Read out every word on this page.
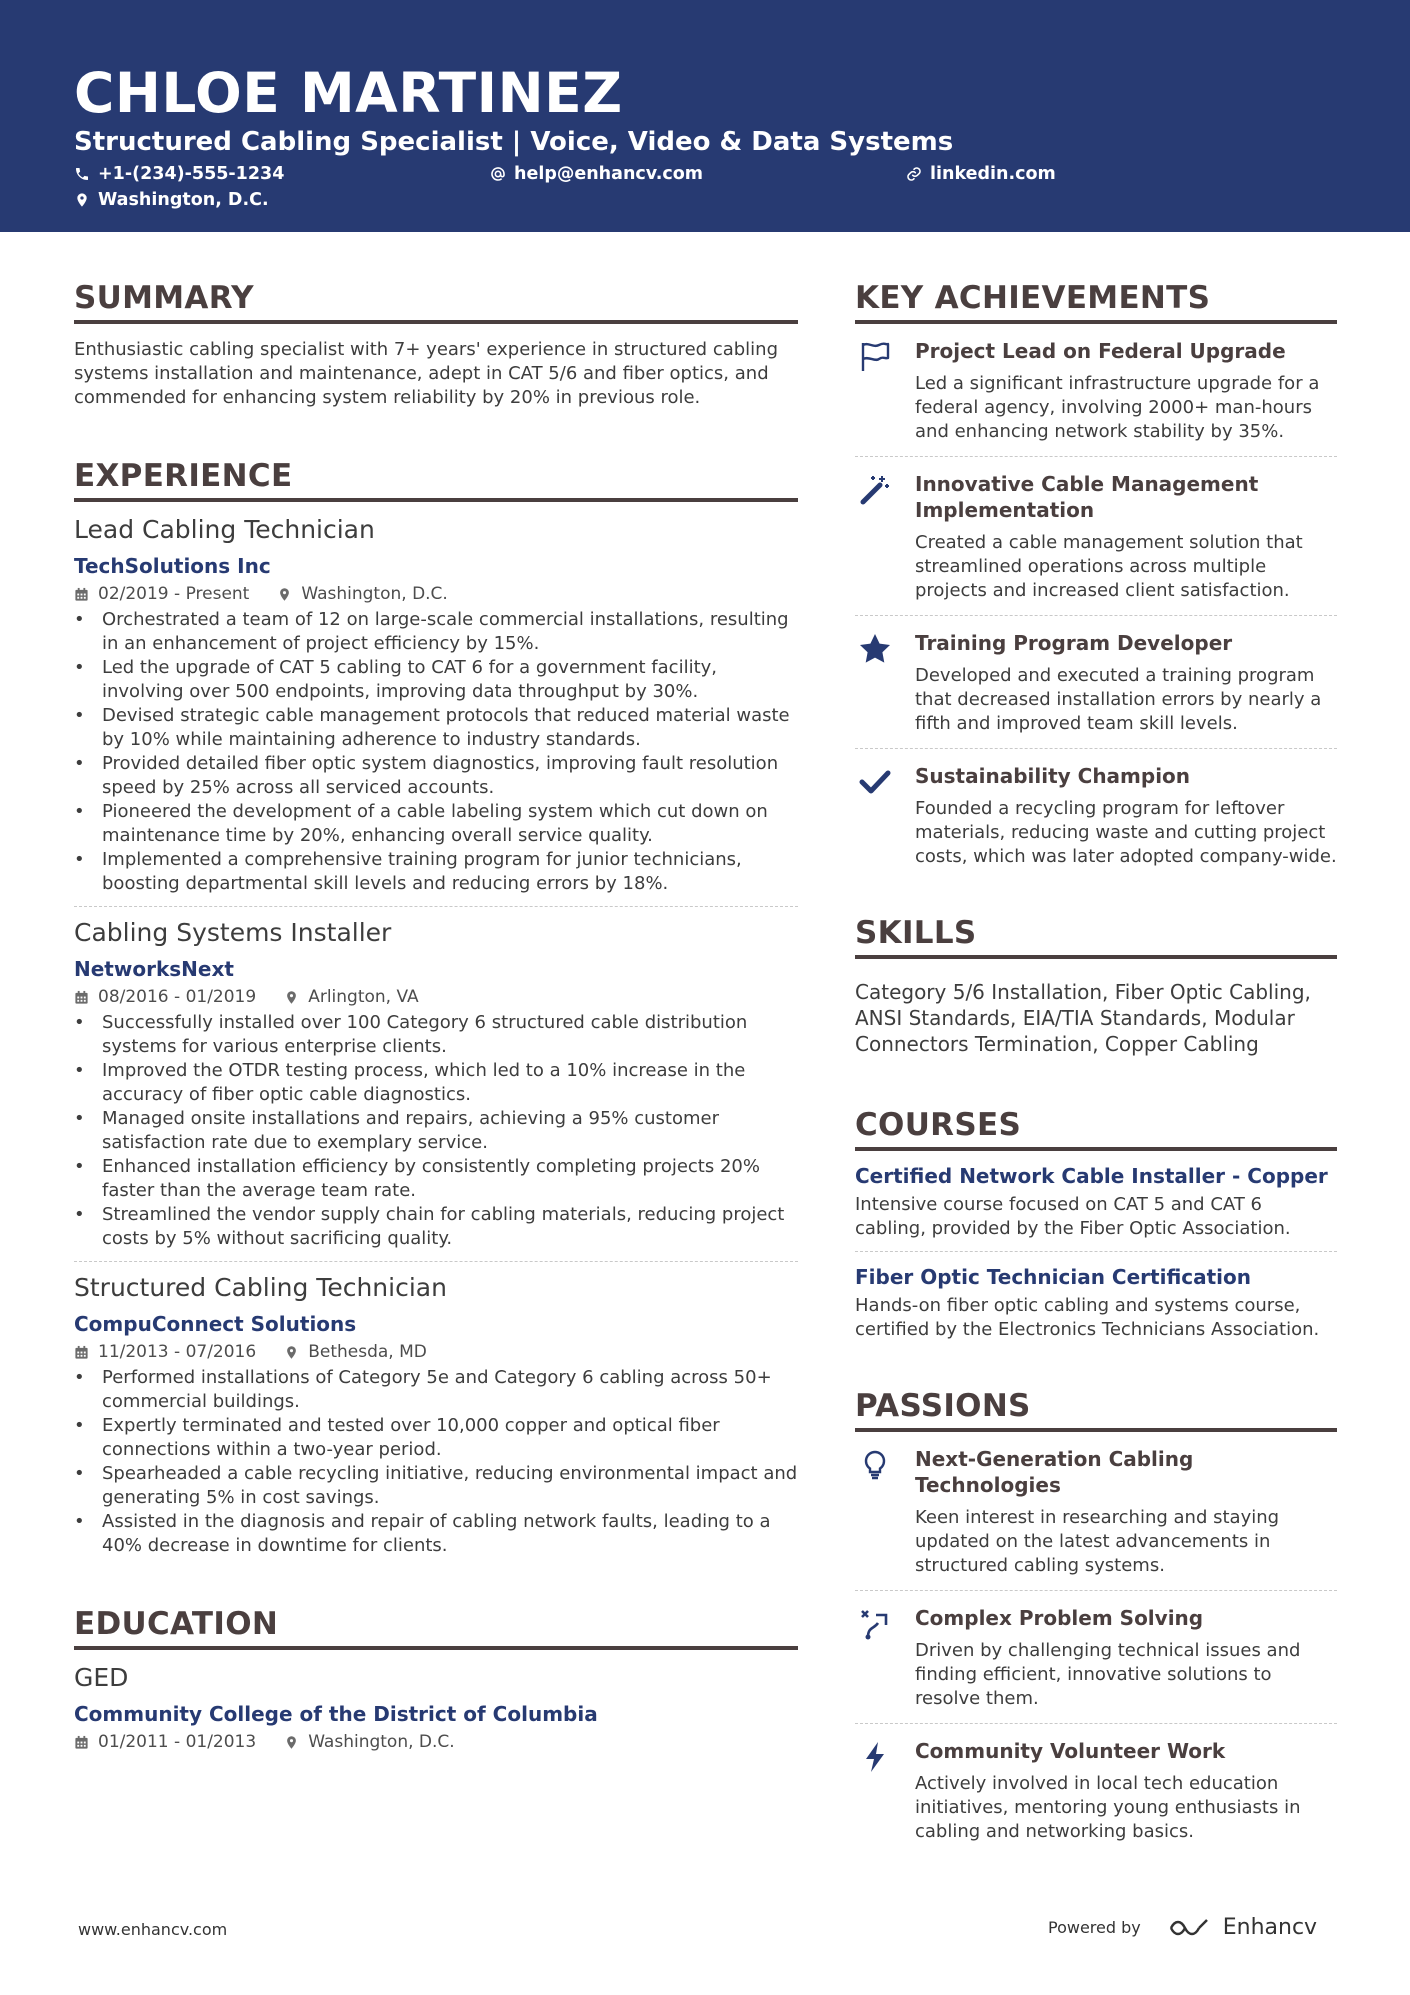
CHLOE MARTINEZ
Structured Cabling Specialist | Voice, Video & Data Systems
+1-(234)-555-1234	help@enhancv.com	linkedin.com
Washington, D.C.
SUMMARY
Enthusiastic cabling specialist with 7+ years' experience in structured cabling systems installation and maintenance, adept in CAT 5/6 and fiber optics, and commended for enhancing system reliability by 20% in previous role.
EXPERIENCE
Lead Cabling Technician
TechSolutions Inc
02/2019 - Present	Washington, D.C.
• Orchestrated a team of 12 on large-scale commercial installations, resulting in an enhancement of project efficiency by 15%.
• Led the upgrade of CAT 5 cabling to CAT 6 for a government facility, involving over 500 endpoints, improving data throughput by 30%.
• Devised strategic cable management protocols that reduced material waste by 10% while maintaining adherence to industry standards.
• Provided detailed fiber optic system diagnostics, improving fault resolution speed by 25% across all serviced accounts.
• Pioneered the development of a cable labeling system which cut down on maintenance time by 20%, enhancing overall service quality.
• Implemented a comprehensive training program for junior technicians, boosting departmental skill levels and reducing errors by 18%.
Cabling Systems Installer
NetworksNext
08/2016 - 01/2019	Arlington, VA
• Successfully installed over 100 Category 6 structured cable distribution systems for various enterprise clients.
• Improved the OTDR testing process, which led to a 10% increase in the accuracy of fiber optic cable diagnostics.
• Managed onsite installations and repairs, achieving a 95% customer satisfaction rate due to exemplary service.
• Enhanced installation efficiency by consistently completing projects 20% faster than the average team rate.
• Streamlined the vendor supply chain for cabling materials, reducing project costs by 5% without sacrificing quality.
Structured Cabling Technician
CompuConnect Solutions
11/2013 - 07/2016	Bethesda, MD
• Performed installations of Category 5e and Category 6 cabling across 50+ commercial buildings.
• Expertly terminated and tested over 10,000 copper and optical fiber connections within a two-year period.
• Spearheaded a cable recycling initiative, reducing environmental impact and generating 5% in cost savings.
• Assisted in the diagnosis and repair of cabling network faults, leading to a 40% decrease in downtime for clients.
EDUCATION
GED
Community College of the District of Columbia
01/2011 - 01/2013	Washington, D.C.
KEY ACHIEVEMENTS
Project Lead on Federal Upgrade
Led a significant infrastructure upgrade for a federal agency, involving 2000+ man-hours and enhancing network stability by 35%.
Innovative Cable Management Implementation
Created a cable management solution that streamlined operations across multiple projects and increased client satisfaction.
Training Program Developer
Developed and executed a training program that decreased installation errors by nearly a fifth and improved team skill levels.
Sustainability Champion
Founded a recycling program for leftover materials, reducing waste and cutting project costs, which was later adopted company-wide.
SKILLS
Category 5/6 Installation, Fiber Optic Cabling, ANSI Standards, EIA/TIA Standards, Modular Connectors Termination, Copper Cabling
COURSES
Certified Network Cable Installer - Copper
Intensive course focused on CAT 5 and CAT 6 cabling, provided by the Fiber Optic Association.
Fiber Optic Technician Certification
Hands-on fiber optic cabling and systems course, certified by the Electronics Technicians Association.
PASSIONS
Next-Generation Cabling Technologies
Keen interest in researching and staying updated on the latest advancements in structured cabling systems.
Complex Problem Solving
Driven by challenging technical issues and finding efficient, innovative solutions to resolve them.
Community Volunteer Work
Actively involved in local tech education initiatives, mentoring young enthusiasts in cabling and networking basics.
www.enhancv.com	Powered by	Enhancv
